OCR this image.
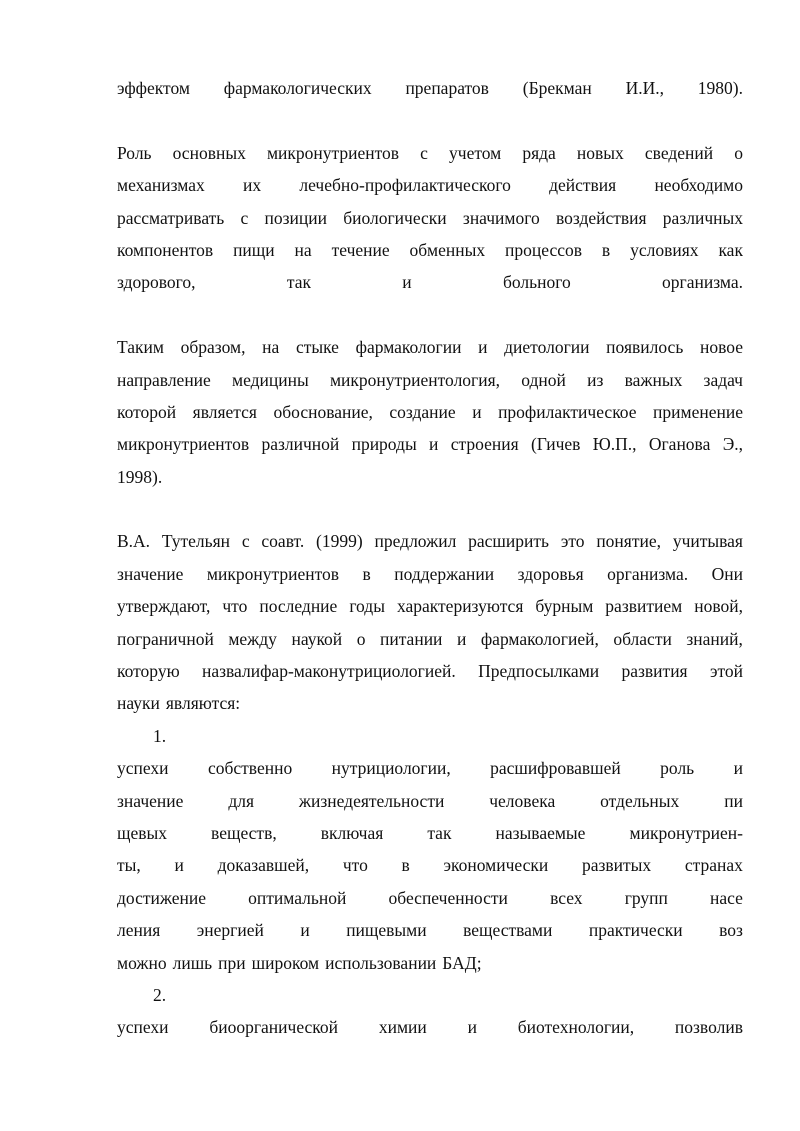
эффектом фармакологических препаратов (Брекман И.И., 1980).
Роль основных микронутриентов с учетом ряда новых сведений о
механизмах их лечебно-профилактического действия необходимо
рассматривать с позиции биологически значимого воздействия различных
компонентов пищи на течение обменных процессов в условиях как
здорового,	так	и	больного	организма.
Таким образом, на стыке фармакологии и диетологии появилось новое
направление медицины микронутриентология, одной из важных задач
которой является обоснование, создание и профилактическое применение
микронутриентов различной природы и строения (Гичев Ю.П., Оганова Э.,
1998).
В.А. Тутельян с соавт. (1999) предложил расширить это понятие, учитывая
значение микронутриентов в поддержании здоровья организма. Они
утверждают, что последние годы характеризуются бурным развитием новой,
пограничной между наукой о питании и фармакологией, области знаний,
которую назвалифар-маконутрициологией. Предпосылками развития этой
науки являются:
1.
успехи собственно нутрициологии, расшифровавшей роль и
значение	для	жизнедеятельности	человека	отдельных	пи
щевых	веществ,	включая	так	называемые	микронутриен-
ты, и доказавшей, что в экономически развитых странах
достижение оптимальной обеспеченности всех групп насе
ления энергией и пищевыми веществами практически воз
можно лишь при широком использовании БАД;
2.
успехи биоорганической химии и биотехнологии, позволив
